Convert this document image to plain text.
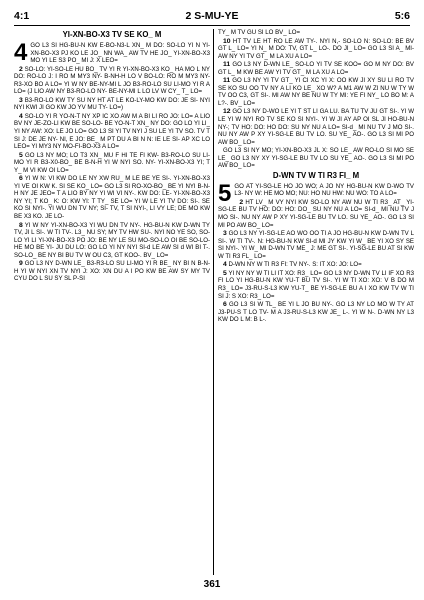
4:1	2 S-MU-YE	5:6
YI-XN-BO-X3 TV SE KO_ M

4 GO L3 SI HG-BU-N KW E-BO-N3-L XN_ M DO: SO-LO YI N YI-XN-BO-X3 PJ KO LE JO_ NN WA_ AW TV HE JO_ YI-XN-BO-X3 MO YI LE S3 PO_ MI J: X LEO=

2 SO-LO: YI-SO-LE HU BO_ TV YI R YI-XN-BO-X3 KO_ HA MO L NY DO: RO-LO J: I RO M MY3 NY- B-NH-H LO V BO-LO: RO M MY3 NY- R3-XO BO A LO= YI W NY BE-NY-MI L JO B3-RO-LO SU LI-MO YI R A LO= (J LIO AW NY B3-RO-LO NY- BE-NY-MI L LO LV W CY_ T_ LO=

3 B3-RO-LO KW TY SU NY HT AT LE KO-LY-MO KW DO: JE SI- NYI NYI KWI JI GO KW JO YV MU TY- LO=)

4 SO-LO YI R YO-N-T NY XP IC XO AW M A BI LI RO JO: LO= A LIO BV NY JE-ZO-LI KW BE SO-LO- BE YO-N-T XN_ NY DO: GO LO YI LI_ YI NY AW: XO: LE JO LO= GO L3 SI YI TV NYI J SU LE YI TV SO. TV T SI J: DE JE NY- NI, E JO: BE_ M PT DU A BI N N: IE LE SI- AP XC LO LEO= YI MY3 NY MO-FI-BO-X3 A LO=

5 GO L3 NY MO; LO T3 XN_ MU F HI TE FI KW- B3-RO-LO SU LI-MO YI R B3-X0-BO_ BE B-N-H YI W NYI SO. NY- YI-XN-BO-X3 YI; T Y_ M VI KW OI LO=

6 YI W N: VI KW DO LE NY XW RU_ M LE BE YE SI-. YI-XN-BO-X3 YI VE OI KW K. SI SE KO_ LO= GO L3 SI RO-XO-BO_ BE YI NYI B-N-H NY JE JEO= T A LIO BY NY YI WI VI NY-. KW DO: LE- YI-XN-BO-X3 NY YI; T KO_ K: O: KW YI: T TY_ SE LO= YI W LE YI TV DO: SI-. SE KO SI NYI-. YI WU DN TV NY; SI- TV, T SI NYI-, LI VY LE; DE MO KW BE X3 KO. JE LO-

8 YI W NY YI-XN-BO-X3 YI WU DN TV NY-. HG-BU-N KW D-WN TY TV, JI L SI-. W TI TV-. L3_ NU SY; MY TV HW SU-. NYI NO YE SO, SO-LO YI LI YI-XN-BO-X3 PO JO: BE NY LE SU MO-SO-LO OI BE SO-LO- HE MO BE YI- JU DU LO: GO LO YI NY NYI SI-d LE AW SI d WI BI T-. SO-LO_ BE NY BI BU TV W OU C3, GT KOO-. BV_ LO=

9 GO L3 NY D-WN LE_ B3-R3-LO SU LI-MO YI R BE_ NY BI N B-N-H YI W NYI XN TV NYI J: XO: XN DU A I PO KW BE AW SY MY TV CYU DO L SU SY SL P-SI

TY_ M TV GU SI LO BV_ LO=

10 HT TV LE HT RO LE AW TY-. NYI N,- SO-LO N: SO-LO: BE BV GT L_ LO= YI N_ M DO: TV, GT L_ LO-. DO JI_ LO= GO L3 SI A_ MI- AW NY YI TV GT_ M LA XU A LO=

11 GO L3 NY D-WN LE_ SO-LO YI TV SE KOO= GO M NY DO: BV GT L_ M KW BE AW YI TV GT_ M LA XU A LO=

11 GO L3 NY YI TV GT_ YI CI XC YI X: OO KW JI XY SU LI RO TV SE KO SU OO TV NY A LI KO LE_ XO W? A M1 AW W ZI NU W TY W TV OO C3, GT SI-. MI AW NY BE NU W TY MI: YE FI NY_ LO BO M: A L?-. BV_ LO=

12 GO L3 NY D-WO LE YI T ST LI GA LU. BA TU TV JU GT SI-. YI W LE YI W NYI RO TV SE KO SI NYI-. YI W JI AY AP OI SL JI HO-BU-N NY-; TV HO: DO: HO DO: SU NY NU A LO= SI-d_ MI NU TV J MO SI-. NU NY AW P XY YI-SG-LE BU TV LO. SU YE_ AO-. GO L3 SI MI PO AW BO_ LO=

GO L3 SI NY MO; YI-XN-BO-X3 JL X: SO LE_ AW RO-LO SI MO SE LE_ GO L3 NY XY YI-SG-LE BU TV LO SU YE_ AO-. GO L3 SI MI PO AW BO_ LO=

D-WN TV W TI R3 FI_ M

5 GO AT YI-SG-LE HO JO WO; A JO NY HG-BU-N KW D-WO TV L3- NY W: HE MO MO; NU: HO NU HW: NU WO: TO A LO=

2 HT LV_ M VY NYI KW SO-LO NY AW NU W TI R3_ AT_ YI-SG-LE BU TV HO: DO: HO: DO_ SU NY NU A LO= SI-d_ MI NU TV J MO SI-. NU NY AW P XY YI-SG-LE BU TV LO. SU YE_ AO-. GO L3 SI MI PO AW BO_ LO=

3 GO L3 NY YI-SG-LE AO WO OO TI A JO HG-BU-N KW D-WN TV L SI-. W TI TV-. N: HG-BU-N KW SI-d MI JY KW YI W_ BE YI XO SY SE SI NYI-. YI W_ MI D-WN TV ME_ J: ME GT SI-. YI-SG-LE BU AT SI KW W TI R3 FL_ LO=

4 D-WN NY W TI R3 FI: TV NY-. S: IT XO: JO: LO=

5 YI NY NY W TI LI IT XO: R3_ LO= GO L3 NY D-WN TV LI IF XO R3 FI LO YI HG-BU-N KW YU-T BU TV SI-. YI W TI XO: XO: V B DO M R3_ LO= J3-RU-S-L3 KW YU-T_ BE YI-SG-LE BU A I XO KW TV W TI SI J: S XO: R3_ LO=

6 GO L3 SI W TL_ BE YI L JO BU NY-. GO L3 NY LO MO W TY AT J3-PU-S T LO TV- M A J3-RU-S-L3 KW JE_ L-. YI W N-. D-WN NY L3 KW DO L M: B L-.

361
